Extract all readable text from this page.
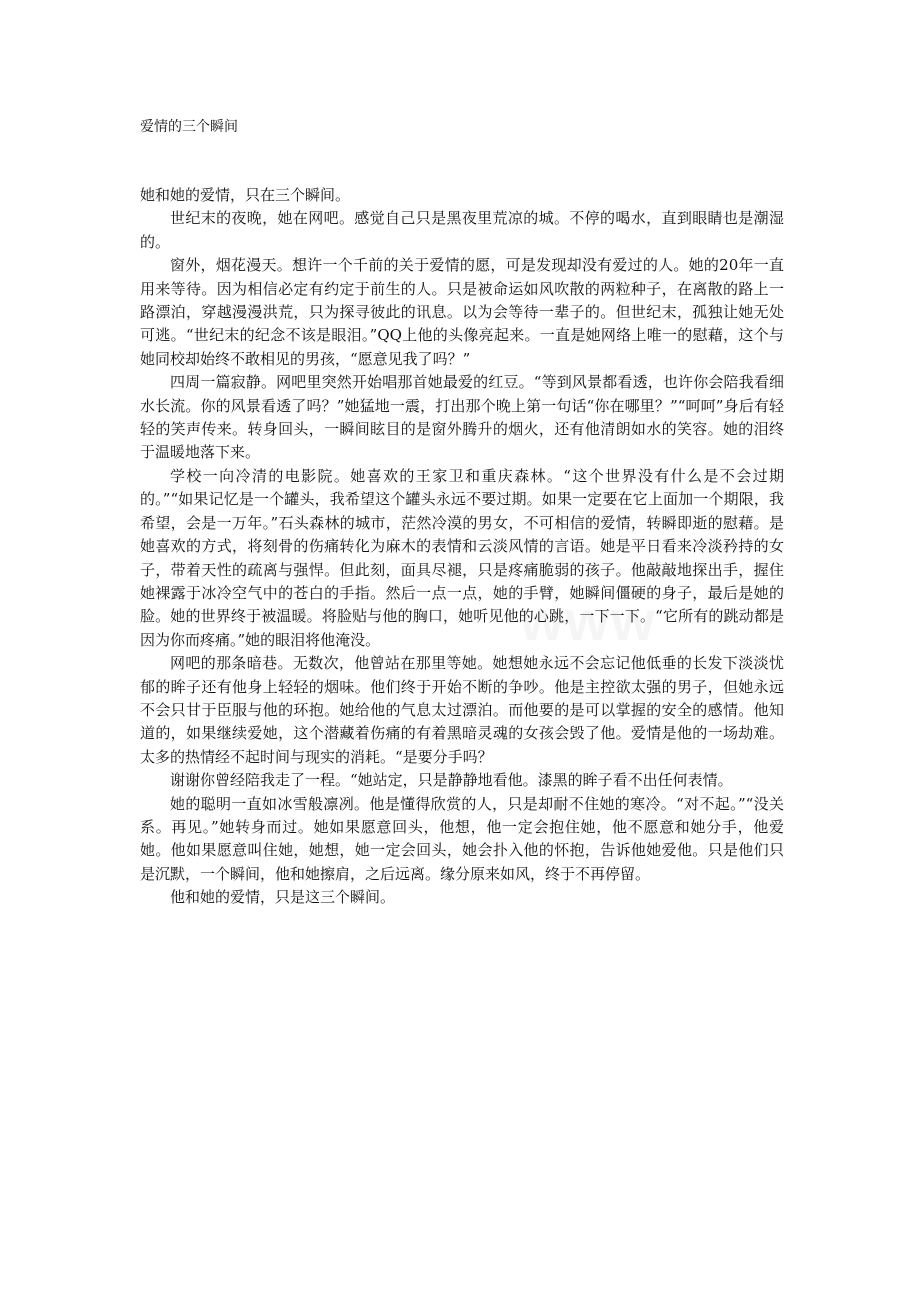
爱情的三个瞬间

她和她的爱情，只在三个瞬间。

世纪末的夜晚，她在网吧。感觉自己只是黑夜里荒凉的城。不停的喝水，直到眼睛也是潮湿的。

窗外，烟花漫天。想许一个千前的关于爱情的愿，可是发现却没有爱过的人。她的20年一直用来等待。因为相信必定有约定于前生的人。只是被命运如风吹散的两粒种子，在离散的路上一路漂泊，穿越漫漫洪荒，只为探寻彼此的讯息。以为会等待一辈子的。但世纪末，孤独让她无处可逃。“世纪末的纪念不该是眼泪。”QQ上他的头像亮起来。一直是她网络上唯一的慰藉，这个与她同校却始终不敢相见的男孩，“愿意见我了吗？”

四周一篇寂静。网吧里突然开始唱那首她最爱的红豆。“等到风景都看透，也许你会陪我看细水长流。你的风景看透了吗？”她猛地一震，打出那个晚上第一句话“你在哪里？”“呵呵”身后有轻轻的笑声传来。转身回头，一瞬间眩目的是窗外腾升的烟火，还有他清朗如水的笑容。她的泪终于温暖地落下来。

学校一向冷清的电影院。她喜欢的王家卫和重庆森林。“这个世界没有什么是不会过期的。”“如果记忆是一个罐头，我希望这个罐头永远不要过期。如果一定要在它上面加一个期限，我希望，会是一万年。”石头森林的城市，茫然冷漠的男女，不可相信的爱情，转瞬即逝的慰藉。是她喜欢的方式，将刻骨的伤痛转化为麻木的表情和云淡风情的言语。她是平日看来冷淡矜持的女子，带着天性的疏离与强悍。但此刻，面具尽褪，只是疼痛脆弱的孩子。他敲敲地探出手，握住她裸露于冰冷空气中的苍白的手指。然后一点一点，她的手臂，她瞬间僵硬的身子，最后是她的脸。她的世界终于被温暖。将脸贴与他的胸口，她听见他的心跳，一下一下。“它所有的跳动都是因为你而疼痛。”她的眼泪将他淹没。

网吧的那条暗巷。无数次，他曾站在那里等她。她想她永远不会忘记他低垂的长发下淡淡忧郁的眸子还有他身上轻轻的烟味。他们终于开始不断的争吵。他是主控欲太强的男子，但她永远不会只甘于臣服与他的环抱。她给他的气息太过漂泊。而他要的是可以掌握的安全的感情。他知道的，如果继续爱她，这个潜藏着伤痛的有着黑暗灵魂的女孩会毁了他。爱情是他的一场劫难。太多的热情经不起时间与现实的消耗。“是要分手吗？

谢谢你曾经陪我走了一程。“她站定，只是静静地看他。漆黑的眸子看不出任何表情。

她的聪明一直如冰雪般凛冽。他是懂得欣赏的人，只是却耐不住她的寒冷。“对不起。”“没关系。再见。”她转身而过。她如果愿意回头，他想，他一定会抱住她，他不愿意和她分手，他爱她。他如果愿意叫住她，她想，她一定会回头，她会扑入他的怀抱，告诉他她爱他。只是他们只是沉默，一个瞬间，他和她擦肩，之后远离。缘分原来如风，终于不再停留。

他和她的爱情，只是这三个瞬间。
